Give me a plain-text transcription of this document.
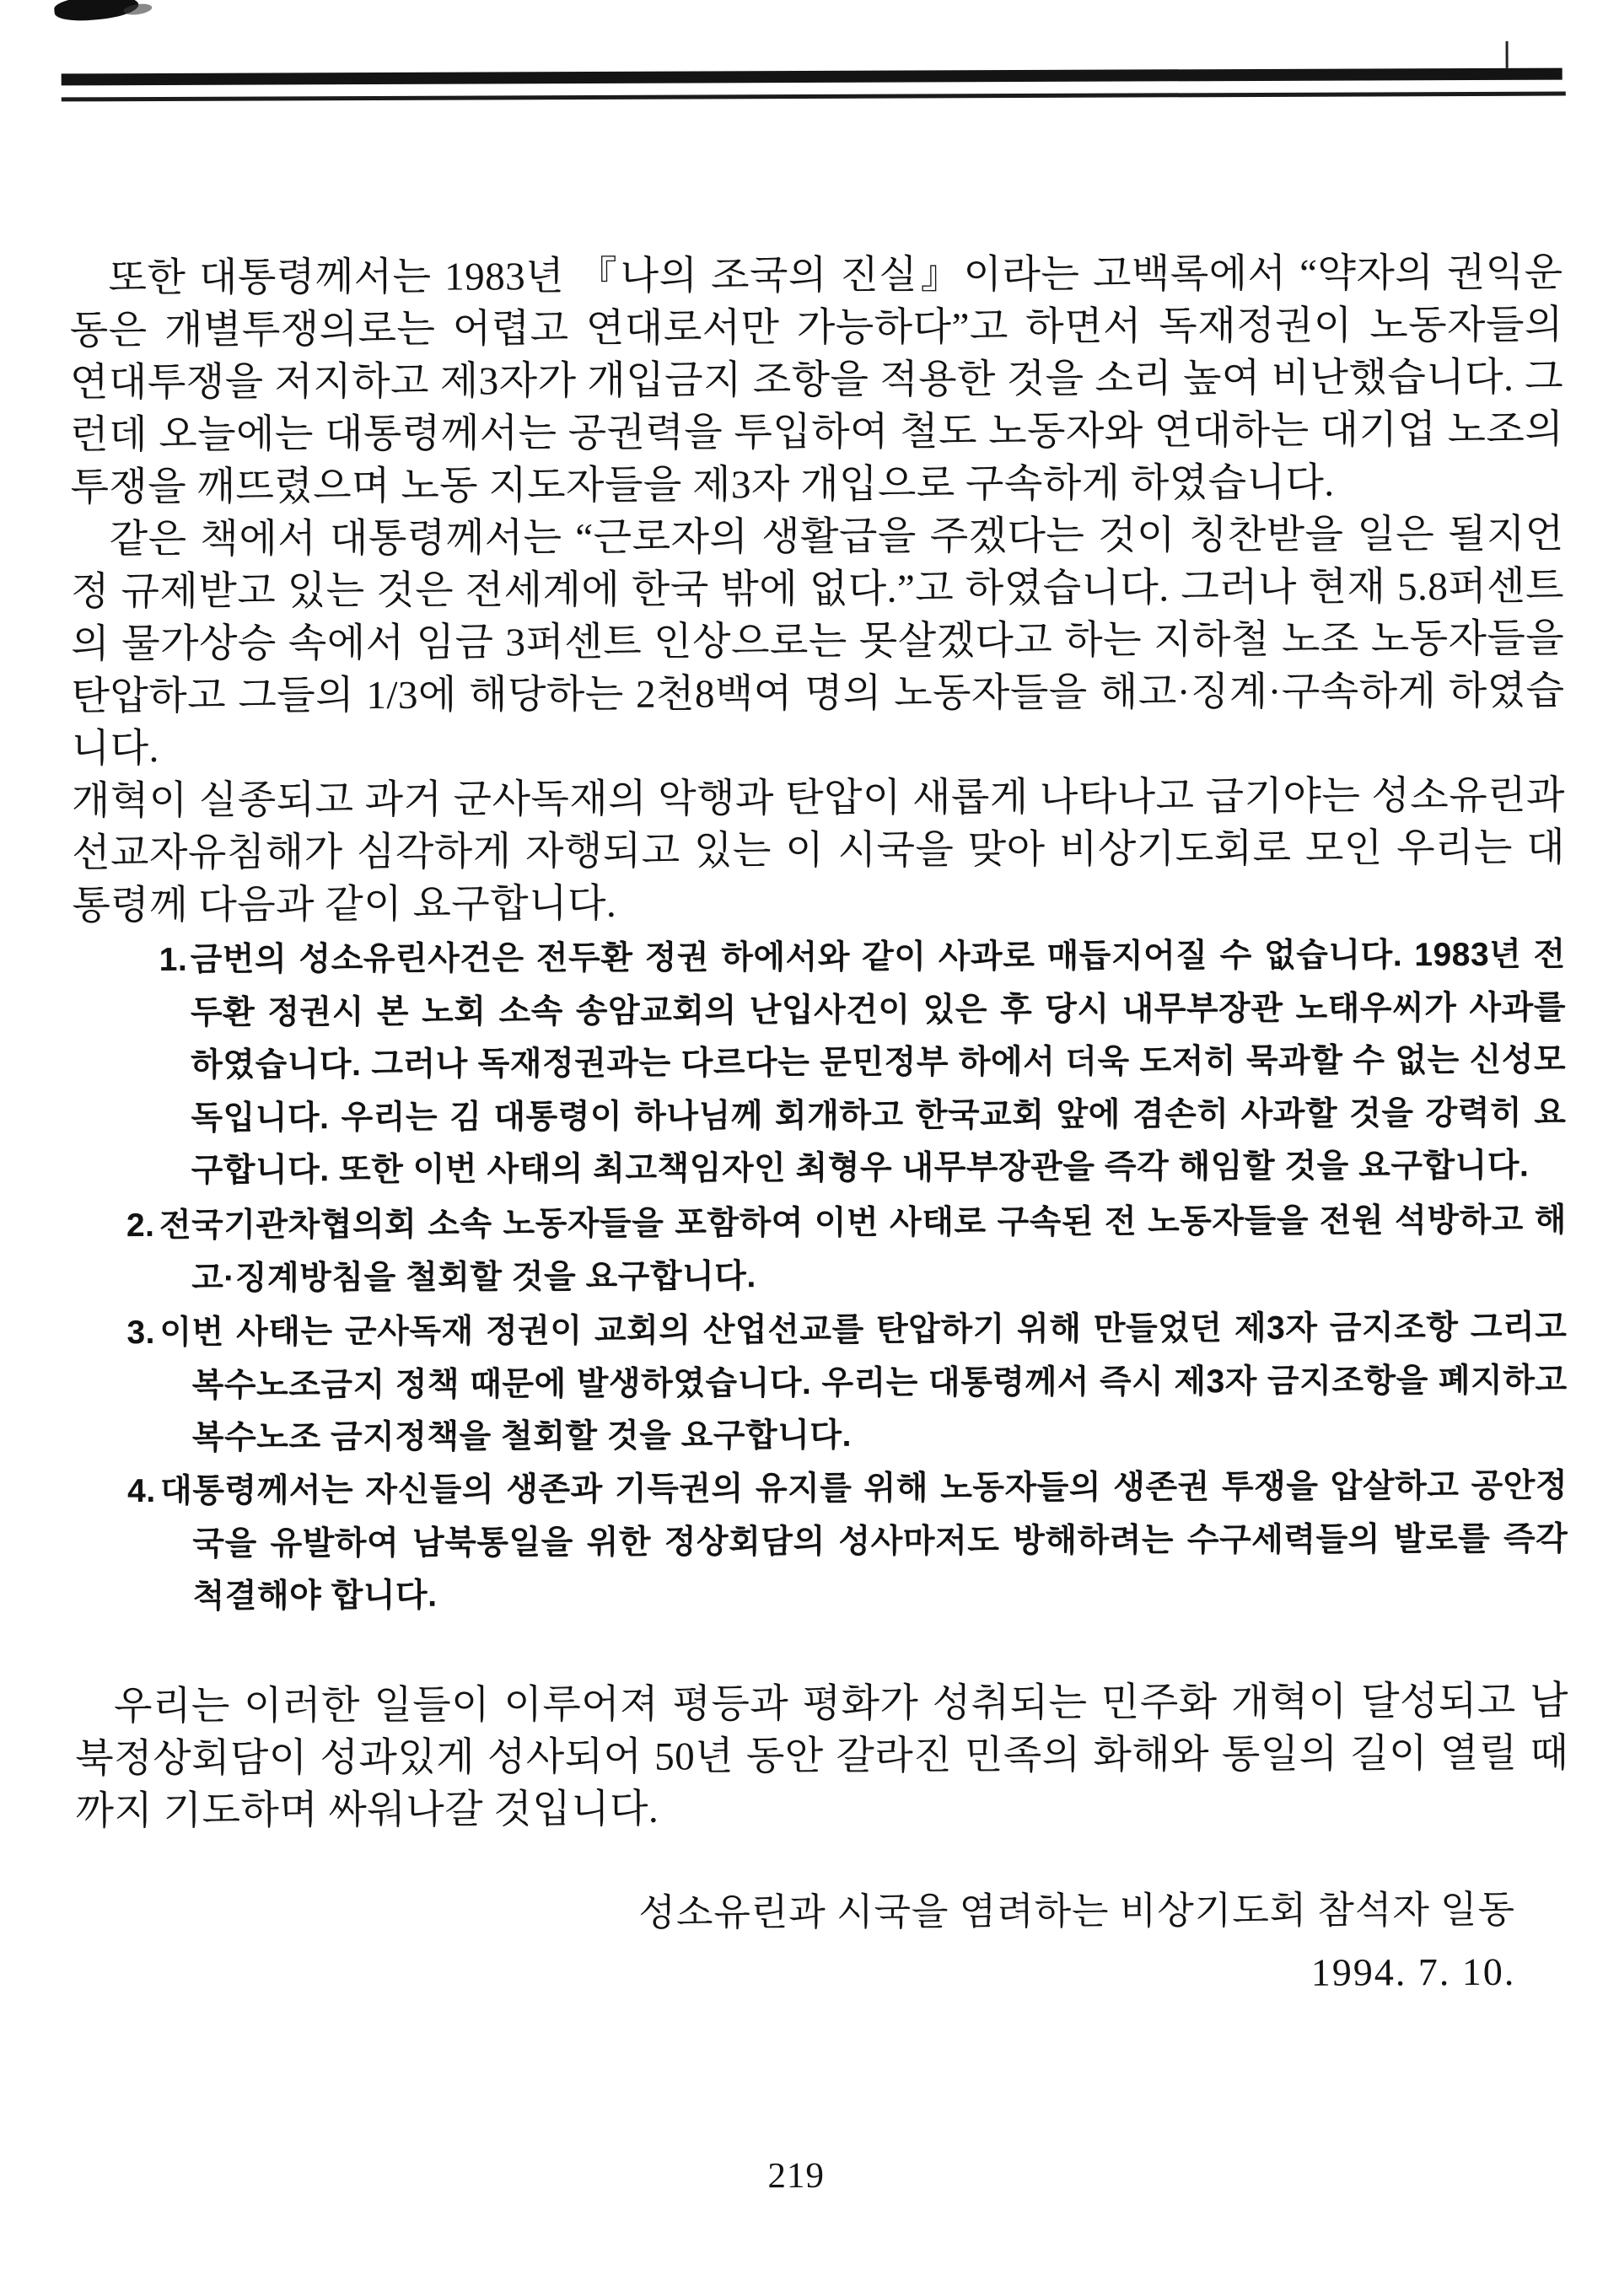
또한 대통령께서는 1983년 『나의 조국의 진실』이라는 고백록에서 “약자의 권익운동은 개별투쟁의로는 어렵고 연대로서만 가능하다”고 하면서 독재정권이 노동자들의 연대투쟁을 저지하고 제3자가 개입금지 조항을 적용한 것을 소리 높여 비난했습니다. 그런데 오늘에는 대통령께서는 공권력을 투입하여 철도 노동자와 연대하는 대기업 노조의 투쟁을 깨뜨렸으며 노동 지도자들을 제3자 개입으로 구속하게 하였습니다.

같은 책에서 대통령께서는 “근로자의 생활급을 주겠다는 것이 칭찬받을 일은 될지언정 규제받고 있는 것은 전세계에 한국 밖에 없다.”고 하였습니다. 그러나 현재 5.8퍼센트의 물가상승 속에서 임금 3퍼센트 인상으로는 못살겠다고 하는 지하철 노조 노동자들을 탄압하고 그들의 1/3에 해당하는 2천8백여 명의 노동자들을 해고·징계·구속하게 하였습니다.

개혁이 실종되고 과거 군사독재의 악행과 탄압이 새롭게 나타나고 급기야는 성소유린과 선교자유침해가 심각하게 자행되고 있는 이 시국을 맞아 비상기도회로 모인 우리는 대통령께 다음과 같이 요구합니다.

1. 금번의 성소유린사건은 전두환 정권 하에서와 같이 사과로 매듭지어질 수 없습니다. 1983년 전두환 정권시 본 노회 소속 송암교회의 난입사건이 있은 후 당시 내무부장관 노태우씨가 사과를 하였습니다. 그러나 독재정권과는 다르다는 문민정부 하에서 더욱 도저히 묵과할 수 없는 신성모독입니다. 우리는 김 대통령이 하나님께 회개하고 한국교회 앞에 겸손히 사과할 것을 강력히 요구합니다. 또한 이번 사태의 최고책임자인 최형우 내무부장관을 즉각 해임할 것을 요구합니다.
2. 전국기관차협의회 소속 노동자들을 포함하여 이번 사태로 구속된 전 노동자들을 전원 석방하고 해고·징계방침을 철회할 것을 요구합니다.
3. 이번 사태는 군사독재 정권이 교회의 산업선교를 탄압하기 위해 만들었던 제3자 금지조항 그리고 복수노조금지 정책 때문에 발생하였습니다. 우리는 대통령께서 즉시 제3자 금지조항을 폐지하고 복수노조 금지정책을 철회할 것을 요구합니다.
4. 대통령께서는 자신들의 생존과 기득권의 유지를 위해 노동자들의 생존권 투쟁을 압살하고 공안정국을 유발하여 남북통일을 위한 정상회담의 성사마저도 방해하려는 수구세력들의 발로를 즉각 척결해야 합니다.

우리는 이러한 일들이 이루어져 평등과 평화가 성취되는 민주화 개혁이 달성되고 남북정상회담이 성과있게 성사되어 50년 동안 갈라진 민족의 화해와 통일의 길이 열릴 때까지 기도하며 싸워나갈 것입니다.

성소유린과 시국을 염려하는 비상기도회 참석자 일동
1994. 7. 10.
219
